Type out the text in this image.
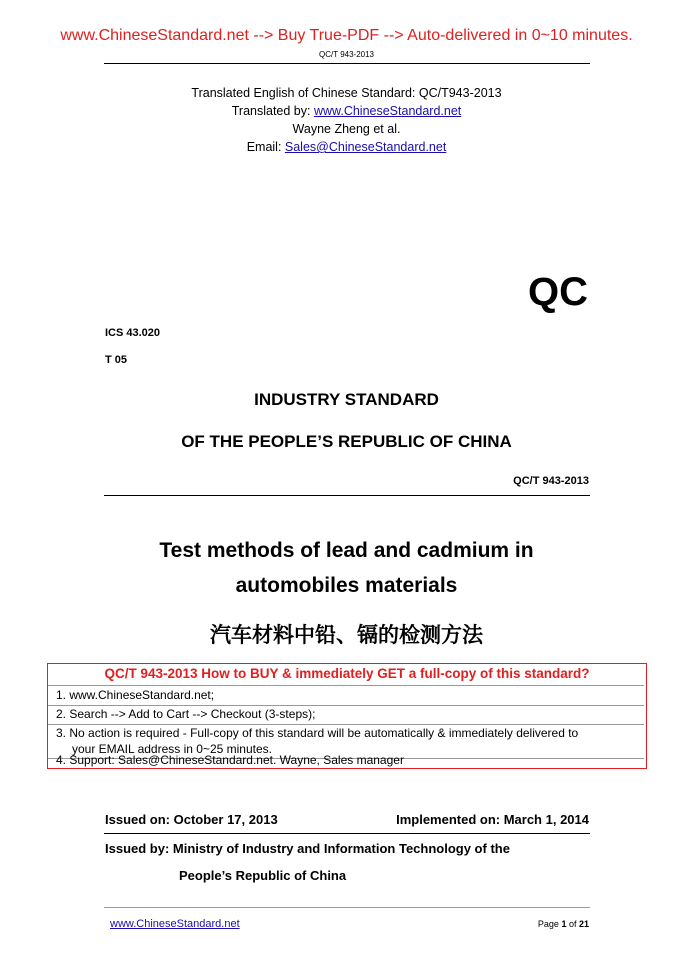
www.ChineseStandard.net --> Buy True-PDF --> Auto-delivered in 0~10 minutes.
QC/T 943-2013
Translated English of Chinese Standard: QC/T943-2013
Translated by: www.ChineseStandard.net
Wayne Zheng et al.
Email: Sales@ChineseStandard.net
QC
ICS 43.020
T 05
INDUSTRY STANDARD
OF THE PEOPLE’S REPUBLIC OF CHINA
QC/T 943-2013
Test methods of lead and cadmium in
automobiles materials
汽车材料中铅、镉的检测方法
QC/T 943-2013 How to BUY & immediately GET a full-copy of this standard?
1. www.ChineseStandard.net;
2. Search --> Add to Cart --> Checkout (3-steps);
3. No action is required - Full-copy of this standard will be automatically & immediately delivered to
your EMAIL address in 0~25 minutes.
4. Support: Sales@ChineseStandard.net. Wayne, Sales manager
Issued on: October 17, 2013	Implemented on: March 1, 2014
Issued by: Ministry of Industry and Information Technology of the
People’s Republic of China
www.ChineseStandard.net	Page 1 of 21
